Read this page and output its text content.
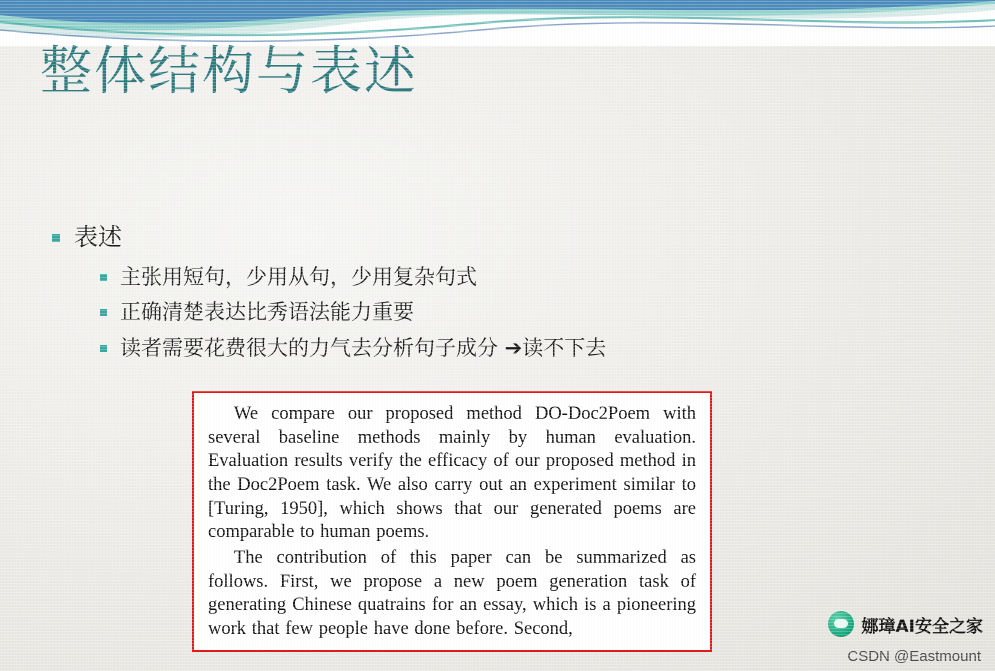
整体结构与表述
表述
主张用短句，少用从句，少用复杂句式
正确清楚表达比秀语法能力重要
读者需要花费很大的力气去分析句子成分 ➔读不下去

We compare our proposed method DO-Doc2Poem with several baseline methods mainly by human evaluation. Evaluation results verify the efficacy of our proposed method in the Doc2Poem task. We also carry out an experiment similar to [Turing, 1950], which shows that our generated poems are comparable to human poems.

The contribution of this paper can be summarized as follows. First, we propose a new poem generation task of generating Chinese quatrains for an essay, which is a pioneering work that few people have done before. Second,	娜璋AI安全之家
CSDN @Eastmount
